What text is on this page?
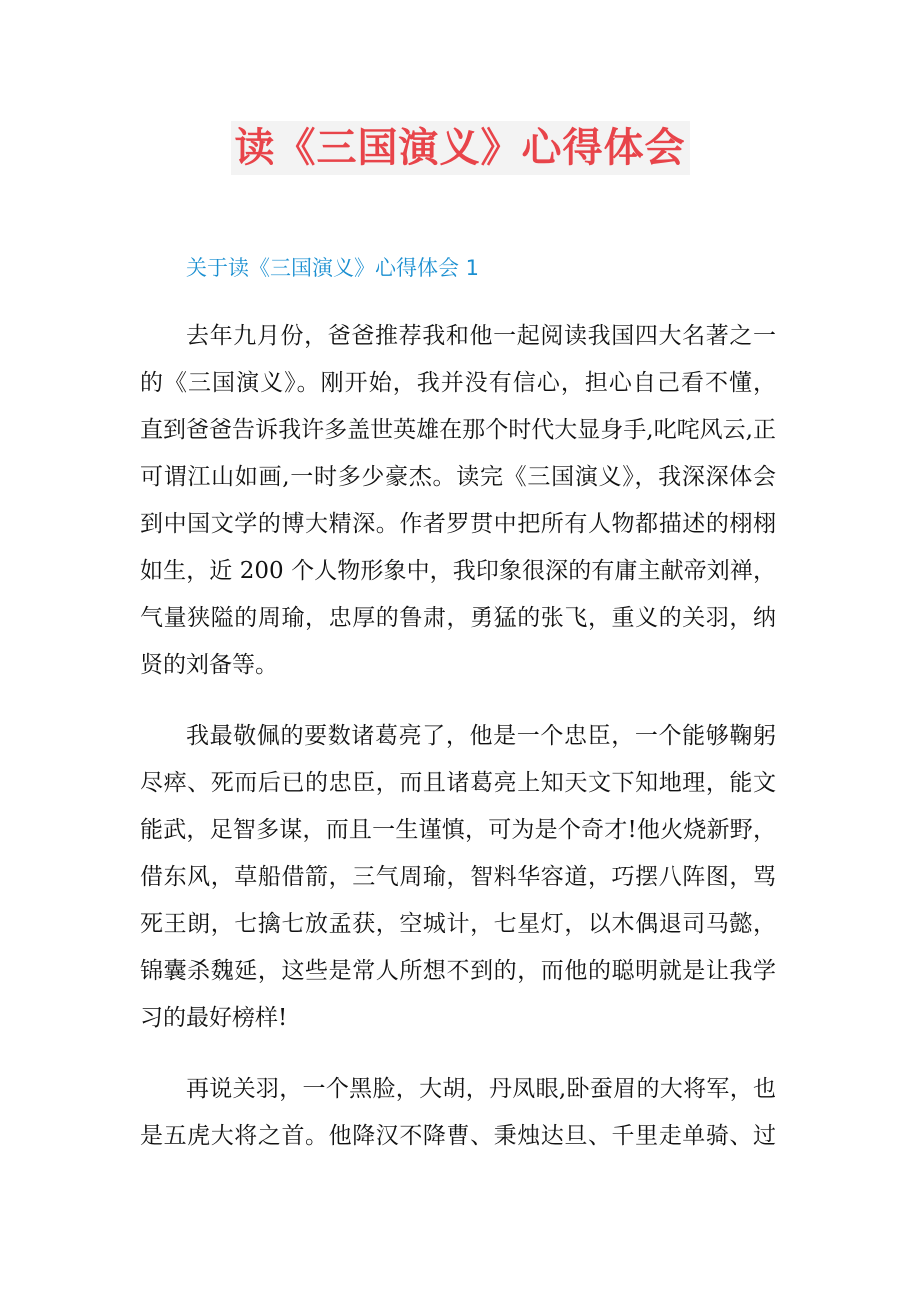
读《三国演义》心得体会
关于读《三国演义》心得体会 1
去年九月份，爸爸推荐我和他一起阅读我国四大名著之一
的《三国演义》。刚开始，我并没有信心，担心自己看不懂，
直到爸爸告诉我许多盖世英雄在那个时代大显身手,叱咤风云,正
可谓江山如画,一时多少豪杰。读完《三国演义》，我深深体会
到中国文学的博大精深。作者罗贯中把所有人物都描述的栩栩
如生，近 200 个人物形象中，我印象很深的有庸主献帝刘禅，
气量狭隘的周瑜，忠厚的鲁肃，勇猛的张飞，重义的关羽，纳
贤的刘备等。
我最敬佩的要数诸葛亮了，他是一个忠臣，一个能够鞠躬
尽瘁、死而后已的忠臣，而且诸葛亮上知天文下知地理，能文
能武，足智多谋，而且一生谨慎，可为是个奇才!他火烧新野，
借东风，草船借箭，三气周瑜，智料华容道，巧摆八阵图，骂
死王朗，七擒七放孟获，空城计，七星灯，以木偶退司马懿，
锦囊杀魏延，这些是常人所想不到的，而他的聪明就是让我学
习的最好榜样!
再说关羽，一个黑脸，大胡，丹凤眼,卧蚕眉的大将军，也
是五虎大将之首。他降汉不降曹、秉烛达旦、千里走单骑、过
